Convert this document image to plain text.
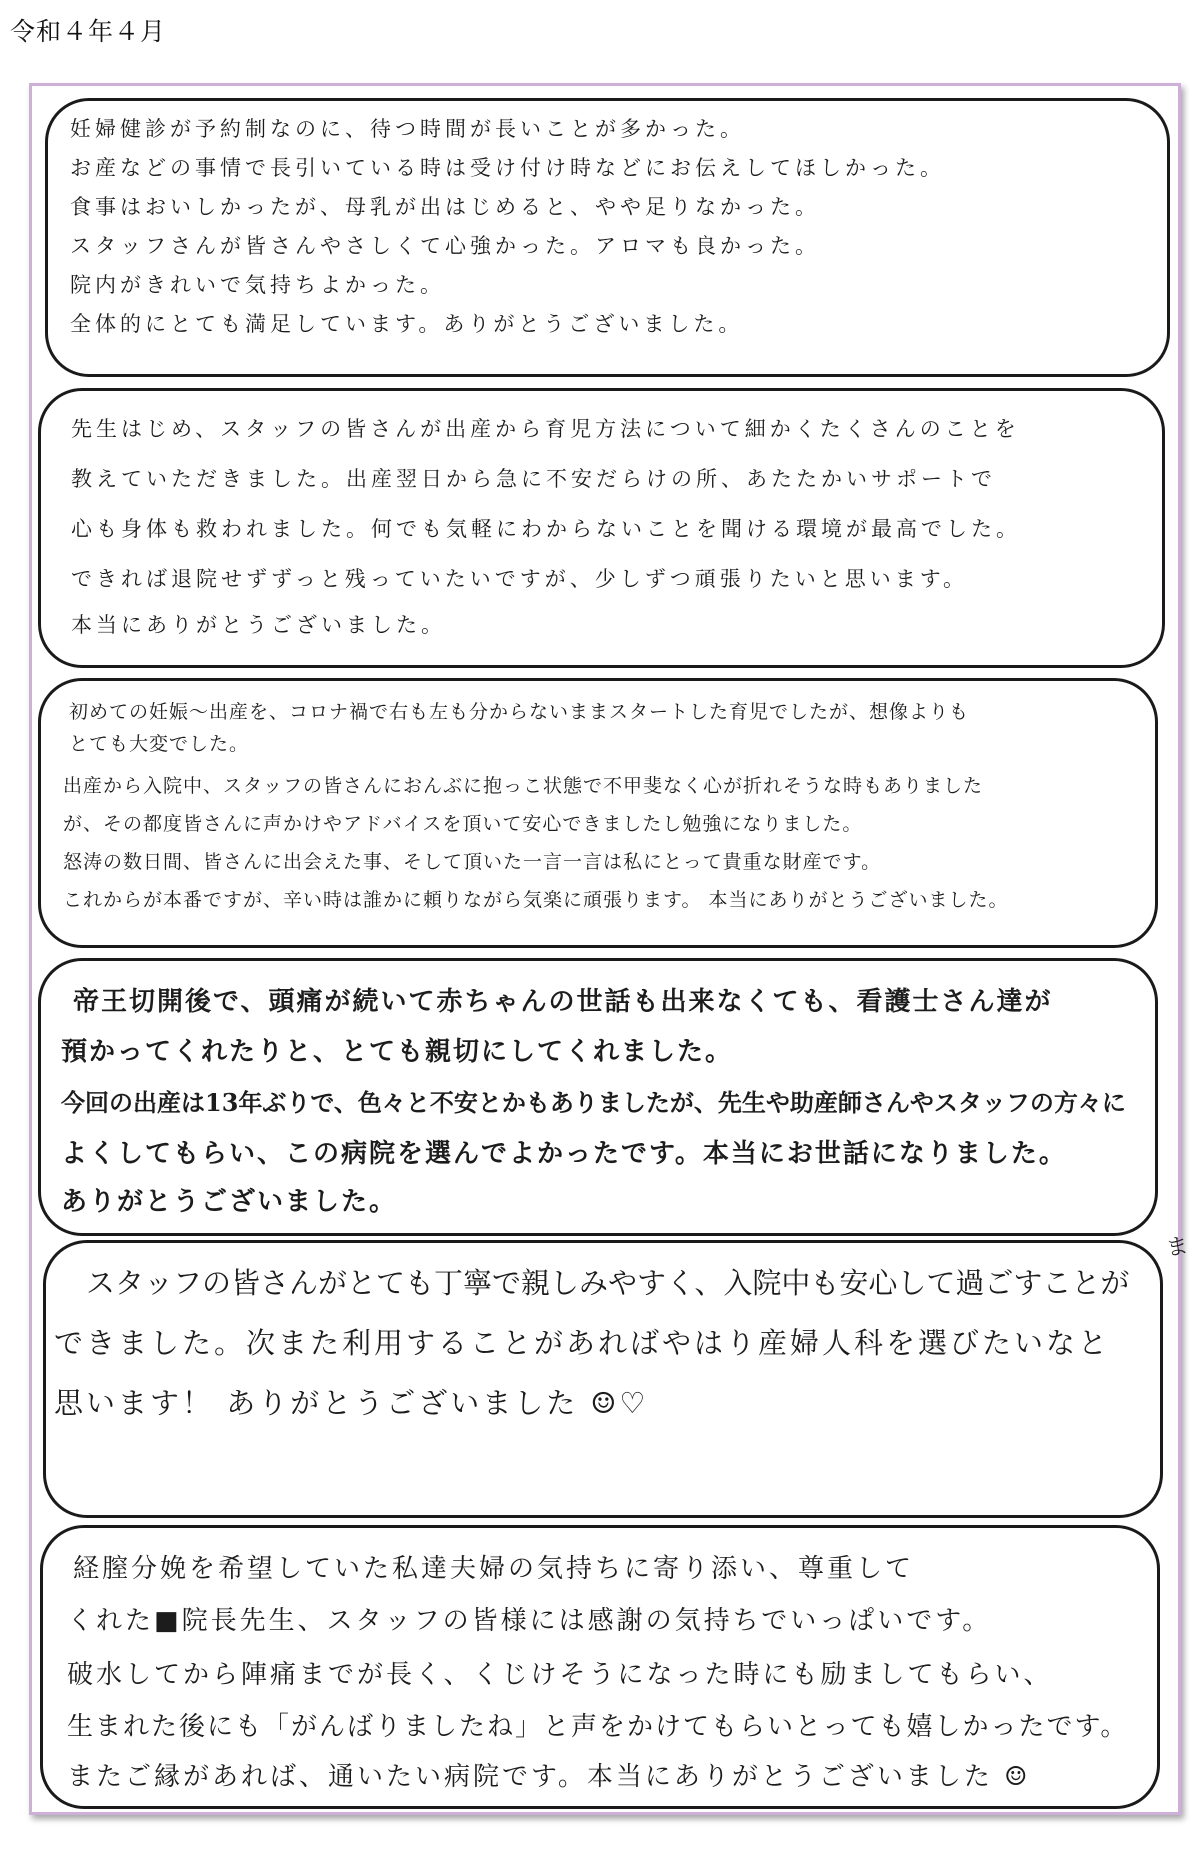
令和４年４月
妊婦健診が予約制なのに、待つ時間が長いことが多かった。
お産などの事情で長引いている時は受け付け時などにお伝えしてほしかった。
食事はおいしかったが、母乳が出はじめると、やや足りなかった。
スタッフさんが皆さんやさしくて心強かった。アロマも良かった。
院内がきれいで気持ちよかった。
全体的にとても満足しています。ありがとうございました。
先生はじめ、スタッフの皆さんが出産から育児方法について細かくたくさんのことを
教えていただきました。出産翌日から急に不安だらけの所、あたたかいサポートで
心も身体も救われました。何でも気軽にわからないことを聞ける環境が最高でした。
できれば退院せずずっと残っていたいですが、少しずつ頑張りたいと思います。
本当にありがとうございました。
初めての妊娠～出産を、コロナ禍で右も左も分からないままスタートした育児でしたが、想像よりも
とても大変でした。
出産から入院中、スタッフの皆さんにおんぶに抱っこ状態で不甲斐なく心が折れそうな時もありました
が、その都度皆さんに声かけやアドバイスを頂いて安心できましたし勉強になりました。
怒涛の数日間、皆さんに出会えた事、そして頂いた一言一言は私にとって貴重な財産です。
これからが本番ですが、辛い時は誰かに頼りながら気楽に頑張ります。 本当にありがとうございました。
帝王切開後で、頭痛が続いて赤ちゃんの世話も出来なくても、看護士さん達が
預かってくれたりと、とても親切にしてくれました。
今回の出産は13年ぶりで、色々と不安とかもありましたが、先生や助産師さんやスタッフの方々に
よくしてもらい、この病院を選んでよかったです。本当にお世話になりました。
ありがとうございました。
スタッフの皆さんがとても丁寧で親しみやすく、入院中も安心して過ごすことが
できました。次また利用することがあればやはり産婦人科を選びたいなと
思います！ ありがとうございました ☺♡
ま
経膣分娩を希望していた私達夫婦の気持ちに寄り添い、尊重して
くれた■院長先生、スタッフの皆様には感謝の気持ちでいっぱいです。
破水してから陣痛までが長く、くじけそうになった時にも励ましてもらい、
生まれた後にも「がんばりましたね」と声をかけてもらいとっても嬉しかったです。
またご縁があれば、通いたい病院です。本当にありがとうございました ☺
